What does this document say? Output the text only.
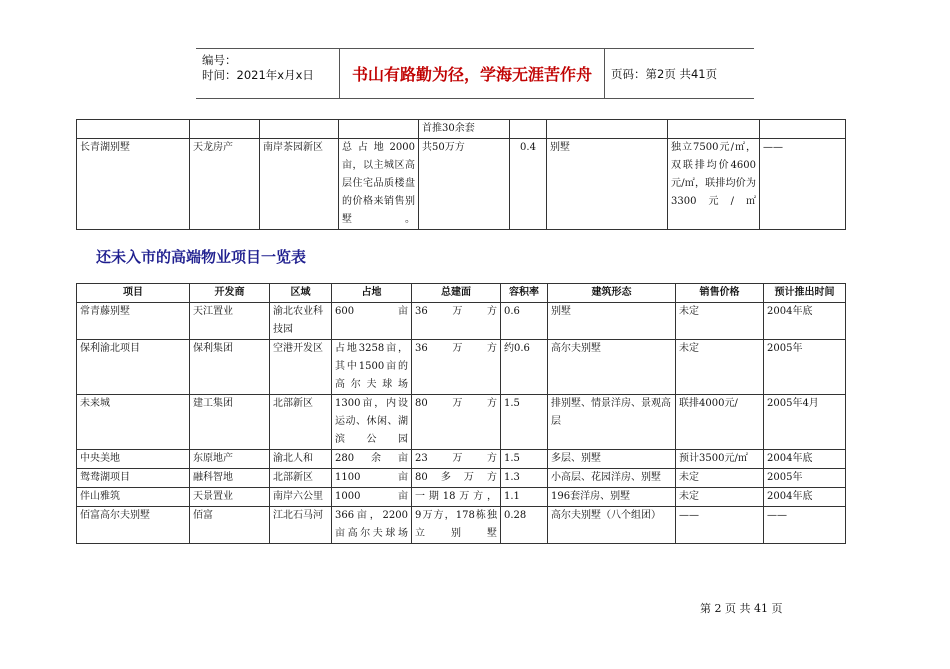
编号：
时间：2021年x月x日	书山有路勤为径，学海无涯苦作舟	页码：第2页 共41页
				首推30余套				
长青湖别墅	天龙房产	南岸茶园新区	总占地2000亩，以主城区高层住宅品质楼盘的价格来销售别墅。	共50万方	0.4	别墅	独立7500元/㎡，双联排均价4600元/㎡，联排均价为3300元/㎡	——
还未入市的高端物业项目一览表
项目	开发商	区域	占地	总建面	容积率	建筑形态	销售价格	预计推出时间
常青藤别墅	天江置业	渝北农业科技园	600亩	36万方	0.6	别墅	未定	2004年底
保利渝北项目	保利集团	空港开发区	占地3258亩，其中1500亩的高尔夫球场	36万方	约0.6	高尔夫别墅	未定	2005年
未来城	建工集团	北部新区	1300亩，内设运动、休闲、湖滨公园	80万方	1.5	排别墅、情景洋房、景观高层	联排4000元/	2005年4月
中央美地	东原地产	渝北人和	280余亩	23万方	1.5	多层、别墅	预计3500元/㎡	2004年底
鸳鸯湖项目	融科智地	北部新区	1100亩	80多万方	1.3	小高层、花园洋房、别墅	未定	2005年
伴山雅筑	天景置业	南岸六公里	1000亩	一期18万方，	1.1	196套洋房、别墅	未定	2004年底
佰富高尔夫别墅	佰富	江北石马河	366亩，2200亩高尔夫球场	9万方，178栋独立别墅	0.28	高尔夫别墅（八个组团）	——	——
第 2 页 共 41 页
